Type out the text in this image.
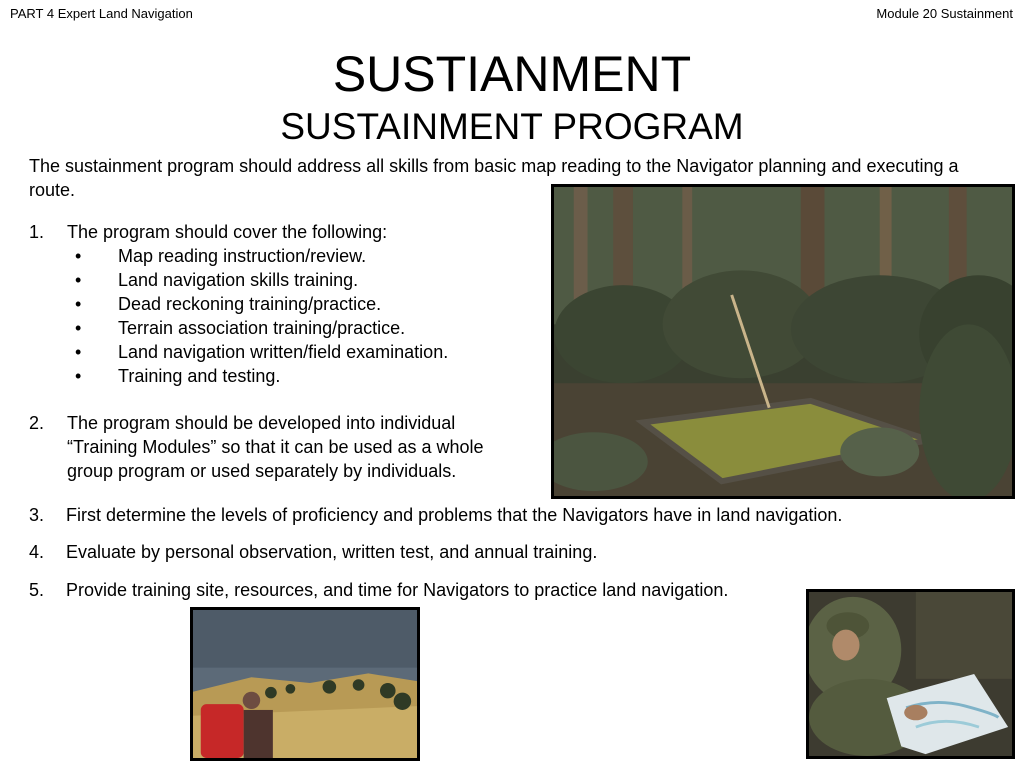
PART 4 Expert Land Navigation	Module 20 Sustainment
SUSTIANMENT
SUSTAINMENT PROGRAM
The sustainment program should address all skills from basic map reading to the Navigator planning and executing a route.
1. The program should cover the following:
• Map reading instruction/review.
• Land navigation skills training.
• Dead reckoning training/practice.
• Terrain association training/practice.
• Land navigation written/field examination.
• Training and testing.
2. The program should be developed into individual
“Training Modules” so that it can be used as a whole
group program or used separately by individuals.
3. First determine the levels of proficiency and problems that the Navigators have in land navigation.
4. Evaluate by personal observation, written test, and annual training.
5. Provide training site, resources, and time for Navigators to practice land navigation.
